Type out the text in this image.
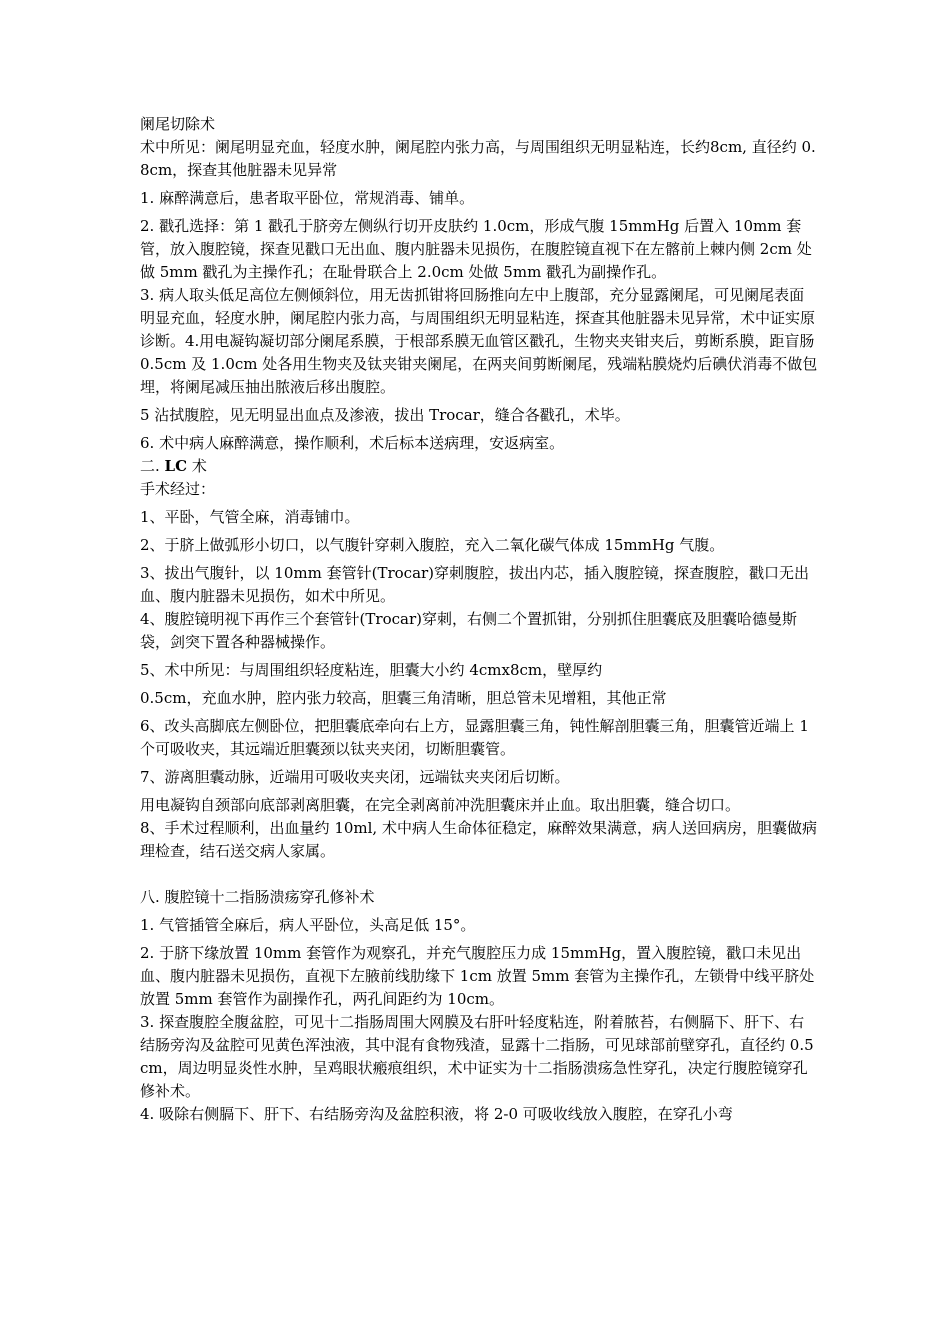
阑尾切除术

术中所见：阑尾明显充血，轻度水肿，阑尾腔内张力高，与周围组织无明显粘连，长约8cm, 直径约 0.8cm，探查其他脏器未见异常

1. 麻醉满意后，患者取平卧位，常规消毒、铺单。

2. 戳孔选择：第 1 戳孔于脐旁左侧纵行切开皮肤约 1.0cm，形成气腹 15mmHg 后置入 10mm 套管，放入腹腔镜，探查见戳口无出血、腹内脏器未见损伤，在腹腔镜直视下在左髂前上棘内侧 2cm 处做 5mm 戳孔为主操作孔；在耻骨联合上 2.0cm 处做 5mm 戳孔为副操作孔。

3. 病人取头低足高位左侧倾斜位，用无齿抓钳将回肠推向左中上腹部，充分显露阑尾，可见阑尾表面明显充血，轻度水肿，阑尾腔内张力高，与周围组织无明显粘连，探查其他脏器未见异常，术中证实原诊断。4.用电凝钩凝切部分阑尾系膜，于根部系膜无血管区戳孔，生物夹夹钳夹后，剪断系膜，距盲肠 0.5cm 及 1.0cm 处各用生物夹及钛夹钳夹阑尾，在两夹间剪断阑尾，残端粘膜烧灼后碘伏消毒不做包埋，将阑尾减压抽出脓液后移出腹腔。

5 沾拭腹腔，见无明显出血点及渗液，拔出 Trocar，缝合各戳孔，术毕。

6. 术中病人麻醉满意，操作顺利，术后标本送病理，安返病室。

二. LC 术

手术经过：

1、平卧，气管全麻，消毒铺巾。

2、于脐上做弧形小切口，以气腹针穿刺入腹腔，充入二氧化碳气体成 15mmHg 气腹。

3、拔出气腹针，以 10mm 套管针(Trocar)穿刺腹腔，拔出内芯，插入腹腔镜，探查腹腔，戳口无出血、腹内脏器未见损伤，如术中所见。

4、腹腔镜明视下再作三个套管针(Trocar)穿刺，右侧二个置抓钳，分别抓住胆囊底及胆囊哈德曼斯袋，剑突下置各种器械操作。

5、术中所见：与周围组织轻度粘连，胆囊大小约 4cmx8cm，壁厚约

0.5cm，充血水肿，腔内张力较高，胆囊三角清晰，胆总管未见增粗，其他正常

6、改头高脚底左侧卧位，把胆囊底牵向右上方，显露胆囊三角，钝性解剖胆囊三角，胆囊管近端上 1 个可吸收夹，其远端近胆囊颈以钛夹夹闭，切断胆囊管。

7、游离胆囊动脉，近端用可吸收夹夹闭，远端钛夹夹闭后切断。

用电凝钩自颈部向底部剥离胆囊，在完全剥离前冲洗胆囊床并止血。取出胆囊，缝合切口。

8、手术过程顺利，出血量约 10ml, 术中病人生命体征稳定，麻醉效果满意，病人送回病房，胆囊做病理检查，结石送交病人家属。

八. 腹腔镜十二指肠溃疡穿孔修补术

1. 气管插管全麻后，病人平卧位，头高足低 15°。

2. 于脐下缘放置 10mm 套管作为观察孔，并充气腹腔压力成 15mmHg，置入腹腔镜，戳口未见出血、腹内脏器未见损伤，直视下左腋前线肋缘下 1cm 放置 5mm 套管为主操作孔，左锁骨中线平脐处放置 5mm 套管作为副操作孔，两孔间距约为 10cm。

3. 探查腹腔全腹盆腔，可见十二指肠周围大网膜及右肝叶轻度粘连，附着脓苔，右侧膈下、肝下、右结肠旁沟及盆腔可见黄色浑浊液，其中混有食物残渣，显露十二指肠，可见球部前壁穿孔，直径约 0.5cm，周边明显炎性水肿，呈鸡眼状瘢痕组织，术中证实为十二指肠溃疡急性穿孔，决定行腹腔镜穿孔修补术。

4. 吸除右侧膈下、肝下、右结肠旁沟及盆腔积液，将 2-0 可吸收线放入腹腔，在穿孔小弯
